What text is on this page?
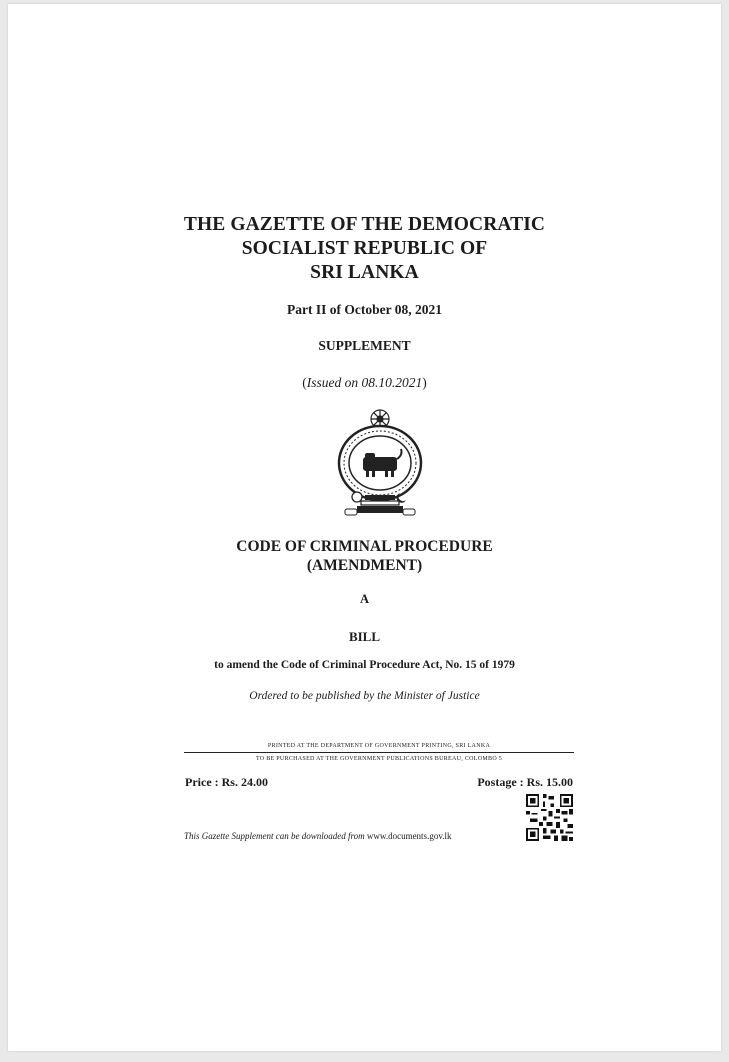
THE GAZETTE OF THE DEMOCRATIC
SOCIALIST REPUBLIC OF
SRI LANKA
Part II of October 08, 2021
SUPPLEMENT
(Issued on 08.10.2021)
CODE OF CRIMINAL PROCEDURE
(AMENDMENT)
A
BILL
to amend the Code of Criminal Procedure Act, No. 15 of 1979
Ordered to be published by the Minister of Justice
PRINTED AT THE DEPARTMENT OF GOVERNMENT PRINTING, SRI LANKA
TO BE PURCHASED AT THE GOVERNMENT PUBLICATIONS BUREAU, COLOMBO 5
Price : Rs. 24.00	Postage : Rs. 15.00
This Gazette Supplement can be downloaded from www.documents.gov.lk
